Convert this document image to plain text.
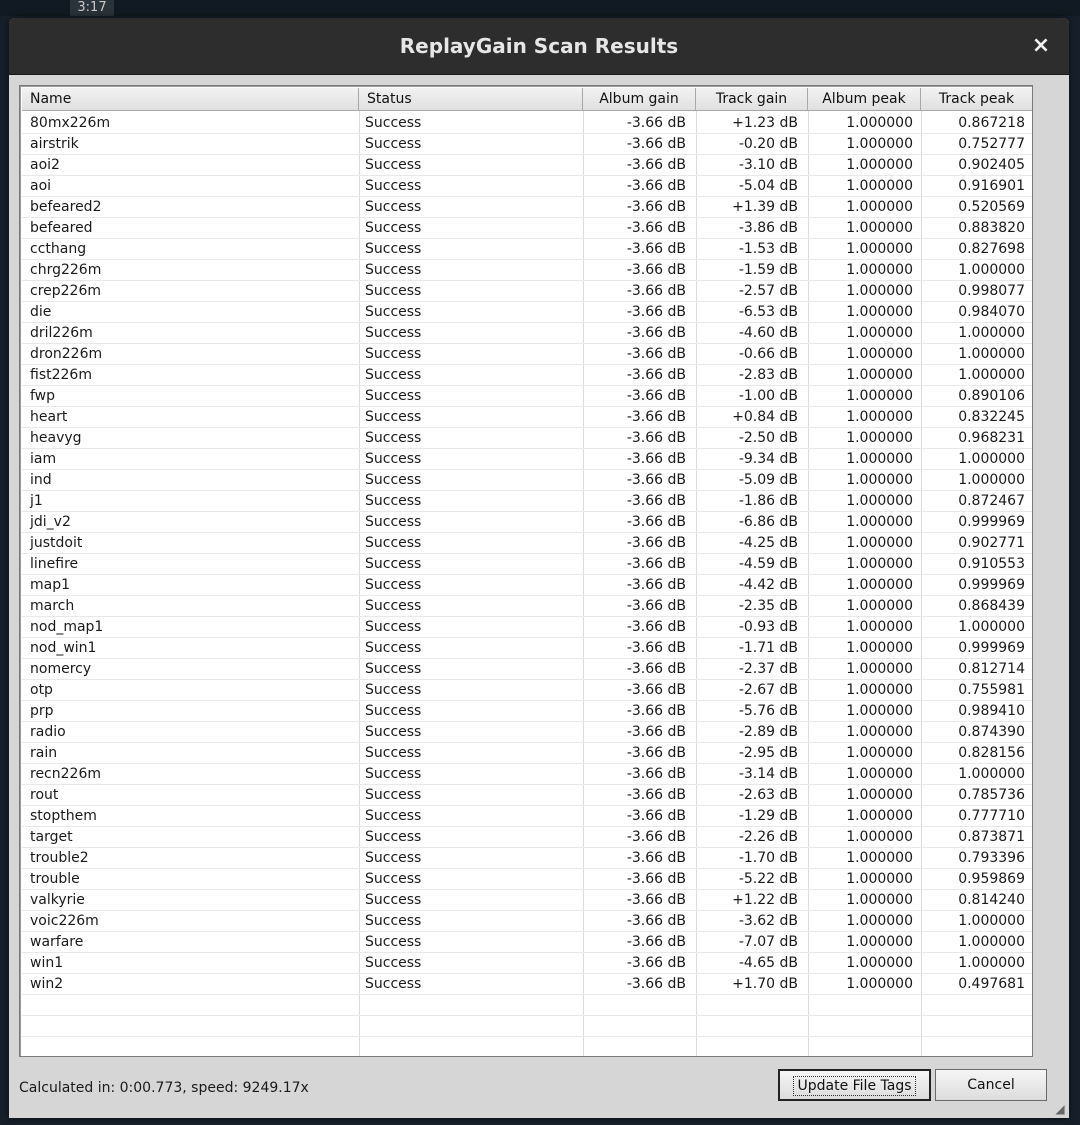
3:17
ReplayGain Scan Results	×
Name	Status	Album gain	Track gain	Album peak	Track peak
80mx226m	Success	-3.66 dB	+1.23 dB	1.000000	0.867218
airstrik	Success	-3.66 dB	-0.20 dB	1.000000	0.752777
aoi2	Success	-3.66 dB	-3.10 dB	1.000000	0.902405
aoi	Success	-3.66 dB	-5.04 dB	1.000000	0.916901
befeared2	Success	-3.66 dB	+1.39 dB	1.000000	0.520569
befeared	Success	-3.66 dB	-3.86 dB	1.000000	0.883820
ccthang	Success	-3.66 dB	-1.53 dB	1.000000	0.827698
chrg226m	Success	-3.66 dB	-1.59 dB	1.000000	1.000000
crep226m	Success	-3.66 dB	-2.57 dB	1.000000	0.998077
die	Success	-3.66 dB	-6.53 dB	1.000000	0.984070
dril226m	Success	-3.66 dB	-4.60 dB	1.000000	1.000000
dron226m	Success	-3.66 dB	-0.66 dB	1.000000	1.000000
fist226m	Success	-3.66 dB	-2.83 dB	1.000000	1.000000
fwp	Success	-3.66 dB	-1.00 dB	1.000000	0.890106
heart	Success	-3.66 dB	+0.84 dB	1.000000	0.832245
heavyg	Success	-3.66 dB	-2.50 dB	1.000000	0.968231
iam	Success	-3.66 dB	-9.34 dB	1.000000	1.000000
ind	Success	-3.66 dB	-5.09 dB	1.000000	1.000000
j1	Success	-3.66 dB	-1.86 dB	1.000000	0.872467
jdi_v2	Success	-3.66 dB	-6.86 dB	1.000000	0.999969
justdoit	Success	-3.66 dB	-4.25 dB	1.000000	0.902771
linefire	Success	-3.66 dB	-4.59 dB	1.000000	0.910553
map1	Success	-3.66 dB	-4.42 dB	1.000000	0.999969
march	Success	-3.66 dB	-2.35 dB	1.000000	0.868439
nod_map1	Success	-3.66 dB	-0.93 dB	1.000000	1.000000
nod_win1	Success	-3.66 dB	-1.71 dB	1.000000	0.999969
nomercy	Success	-3.66 dB	-2.37 dB	1.000000	0.812714
otp	Success	-3.66 dB	-2.67 dB	1.000000	0.755981
prp	Success	-3.66 dB	-5.76 dB	1.000000	0.989410
radio	Success	-3.66 dB	-2.89 dB	1.000000	0.874390
rain	Success	-3.66 dB	-2.95 dB	1.000000	0.828156
recn226m	Success	-3.66 dB	-3.14 dB	1.000000	1.000000
rout	Success	-3.66 dB	-2.63 dB	1.000000	0.785736
stopthem	Success	-3.66 dB	-1.29 dB	1.000000	0.777710
target	Success	-3.66 dB	-2.26 dB	1.000000	0.873871
trouble2	Success	-3.66 dB	-1.70 dB	1.000000	0.793396
trouble	Success	-3.66 dB	-5.22 dB	1.000000	0.959869
valkyrie	Success	-3.66 dB	+1.22 dB	1.000000	0.814240
voic226m	Success	-3.66 dB	-3.62 dB	1.000000	1.000000
warfare	Success	-3.66 dB	-7.07 dB	1.000000	1.000000
win1	Success	-3.66 dB	-4.65 dB	1.000000	1.000000
win2	Success	-3.66 dB	+1.70 dB	1.000000	0.497681
Calculated in: 0:00.773, speed: 9249.17x	Update File Tags	Cancel
◢
